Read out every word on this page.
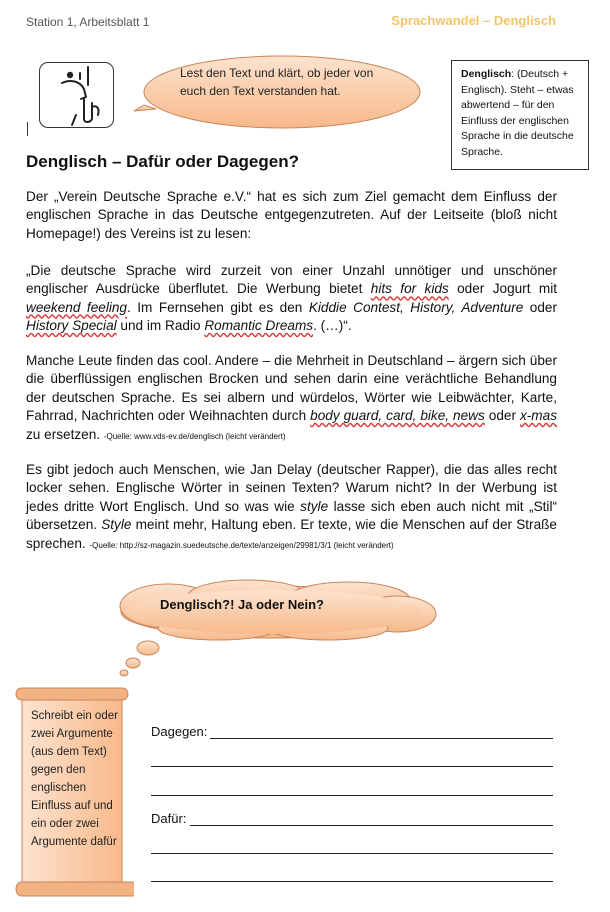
Station 1, Arbeitsblatt 1	Sprachwandel – Denglisch
Lest den Text und klärt, ob jeder von euch den Text verstanden hat.
Denglisch: (Deutsch + Englisch). Steht – etwas abwertend – für den Einfluss der englischen Sprache in die deutsche Sprache.
Denglisch – Dafür oder Dagegen?
Der „Verein Deutsche Sprache e.V.“ hat es sich zum Ziel gemacht dem Einfluss der englischen Sprache in das Deutsche entgegenzutreten. Auf der Leitseite (bloß nicht Homepage!) des Vereins ist zu lesen:
„Die deutsche Sprache wird zurzeit von einer Unzahl unnötiger und unschöner englischer Ausdrücke überflutet. Die Werbung bietet hits for kids oder Jogurt mit weekend feeling. Im Fernsehen gibt es den Kiddie Contest, History, Adventure oder History Special und im Radio Romantic Dreams. (…)“.
Manche Leute finden das cool. Andere – die Mehrheit in Deutschland – ärgern sich über die überflüssigen englischen Brocken und sehen darin eine verächtliche Behandlung der deutschen Sprache. Es sei albern und würdelos, Wörter wie Leibwächter, Karte, Fahrrad, Nachrichten oder Weihnachten durch body guard, card, bike, news oder x-mas zu ersetzen. -Quelle: www.vds-ev.de/denglisch (leicht verändert)
Es gibt jedoch auch Menschen, wie Jan Delay (deutscher Rapper), die das alles recht locker sehen. Englische Wörter in seinen Texten? Warum nicht? In der Werbung ist jedes dritte Wort Englisch. Und so was wie style lasse sich eben auch nicht mit „Stil“ übersetzen. Style meint mehr, Haltung eben. Er texte, wie die Menschen auf der Straße sprechen. -Quelle: http://sz-magazin.suedeutsche.de/texte/anzeigen/29981/3/1 (leicht verändert)
Denglisch?! Ja oder Nein?
Schreibt ein oder zwei Argumente (aus dem Text) gegen den englischen Einfluss auf und ein oder zwei Argumente dafür
Dagegen:
Dafür:
